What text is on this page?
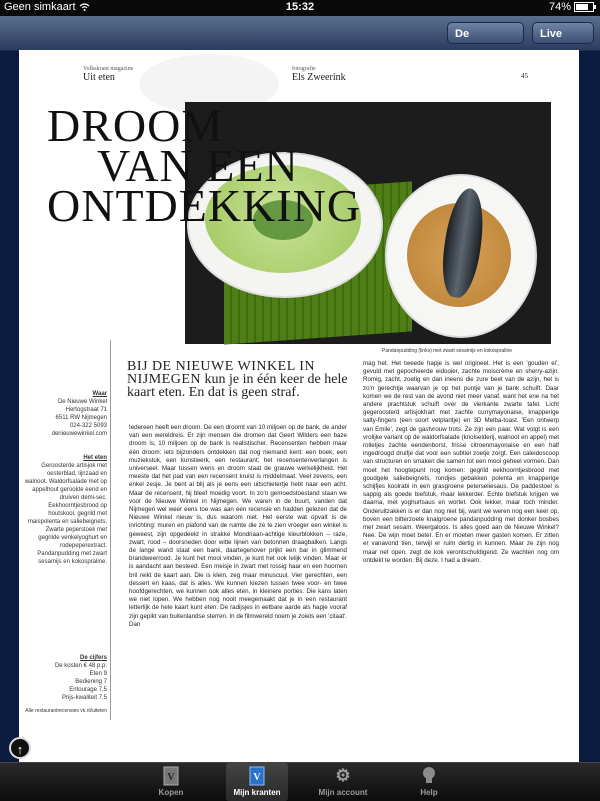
Geen simkaart	15:32	74%
De	Live
Volkskrant magazine
Uit eten
fotografie
Els Zweerink	45
DROOM
VAN EEN
ONTDEKKING
Pandanpudding (links) met zwart sesamijs en kokospraline
BIJ DE NIEUWE WINKEL IN NIJMEGEN kun je in één keer de hele kaart eten. En dat is geen straf.
Waar
De Nieuwe Winkel
Hertogstraat 71
6511 RW Nijmegen
024-322 5093
denieuwewinkel.com
Het eten
Geroosterde artisjok met oesterblad, lijnzaad en walnoot. Waldorfsalade met op appelhout gerookte eend en druiven demi-sec. Eekhoorntjesbrood op houtskool, gegrild met maispolenta en saliebeignets. Zwarte peperstoek met gegrilde venkelyoghurt en rodepeperextract. Pandanpudding met zwart sesamijs en kokospraline.
De cijfers
De kosten € 48 p.p.
Eten 9
Bediening 7
Entourage 7,5
Prijs-kwaliteit 7,5
Alle restaurantrecensies vk.nl/uiteten
Iedereen heeft een droom. De een droomt van 10 miljoen op de bank, de ander van een wereldreis. Er zijn mensen die dromen dat Geert Wilders een baze droom is; 10 miljoen op de bank is realistischer. Recensenten hebben maar één droom: iets bijzonders ontdekken dat nog niemand kent: een boek, een muziekstuk, een kunstwerk, een restaurant; het recensentenverlangen is universeel. Maar tussen wens en droom staat de grauwe werkelijkheid. Het meeste dat het pad van een recensent kruist is middelmaat. Veel zevens, een enkel zesje. Je bent al blij als je eens een uitschietertje hebt naar een acht. Maar de recensent, hij bleef moedig voort. In zo'n gemoedstoestand staan we voor de Nieuwe Winkel in Nijmegen. We waren in de buurt, vanden dat Nijmegen wel weer eens toe was aan een recensie en hadden gelezen dat de Nieuwe Winkel nieuw is, dus waarom niet. Het eerste wat opvalt is de inrichting: muren en plafond van de ruimte die ze te zien vroeger een winkel is geweest, zijn opgedeeld in strakke Mondriaan-achtige kleurblokken – raze, zwart, rood – doorsneden door witte lijnen van betonnen draagbalken. Langs de lange wand staat een bank, daartegenover prijkt een bar in glimmend brandweerrood. Je kunt het mooi vinden, je kunt het ook lelijk vinden. Maar er is aandacht aan besteed. Een meisje in zwart met rossig haar en een hoornen bril reikt de kaart aan. Die is klein, zeg maar minuscuul. Vier gerechten, een dessert en kaas, dat is alles. We kunnen kiezen tussen twee voor- en twee hoofdgerechten, we kunnen ook alles eten, in kleinere porties. Die kans laten we niet lopen. We hebben nog nooit meegemaakt dat je in een restaurant letterlijk de hele kaart kunt eten. De radijsjes in eetbare aarde als hapje vooraf zijn gepikt van buitenlandse sterren. In de filmwereld noem je zoiets een 'citaat'. Dan
mag het. Het tweede hapje is wel origineel. Het is een 'gouden ei', gevuld met gepocheerde eidooier, zachte moiscrème en sherry-azijn. Romig, zacht, zoetig en dan ineens die zure beet van de azijn, het is zo'n gerechtje waarvan je op het puntje van je bank schuift. Daar komen we de rest van de avond niet meer vanaf, want het ene na het andere prachtstuk schuift over de vierkante zwarte tafel. Licht gegeroosterd artisjokhart met zachte currymayonaise, knapperige salty-fingers (een soort vetplantje) en 3D Melba-toast. 'Een ontwerp van Emile', zegt de gastvrouw trots. Ze zijn een paar. Wat volgt is een vrolijke variant op de waldorfsalade (knolselderij, walnoot en appel) met rolletjes zachte eendenborst, frisse citroenmayonaise en een half ingedroogd druifje dat voor een subtiel zoetje zorgt. Een caleidoscoop van structuren en smaken die samen tot een mooi geheel vormen. Dan moet het hoogtepunt nog komen: gegrild eekhoorntjesbrood met goudgele saliebeignets, rondjes gebakken polenta en knapperige schijfjes koolrabi in een grasgroene peterseliesaus. De paddestoel is sappig als goede biefstuk, maar lekkerder. Echte biefstuk krijgen we daarna, met yoghurtsaus en wortel. Ook lekker, maar toch minder. Onderuitzakken is er dan nog niet bij, want we weren nog een keer op, boven een bitterzoete knalgroene pandanpudding met donker bosbes met zwart sesam. Weergaloos. Is alles goed aan de Nieuwe Winkel? Nee. De wijn moet beter. En er moeten meer gasten komen. Er zitten er vanavond tien, terwijl er ruim dertig in kunnen. Maar ze zijn nog maar net open, zegt de kok verontschuldigend. Ze wachten nog om ontdekt te worden. Bij deze. I had a dream.
↑
V
Kopen
V
Mijn kranten
⚙
Mijn account	Help
